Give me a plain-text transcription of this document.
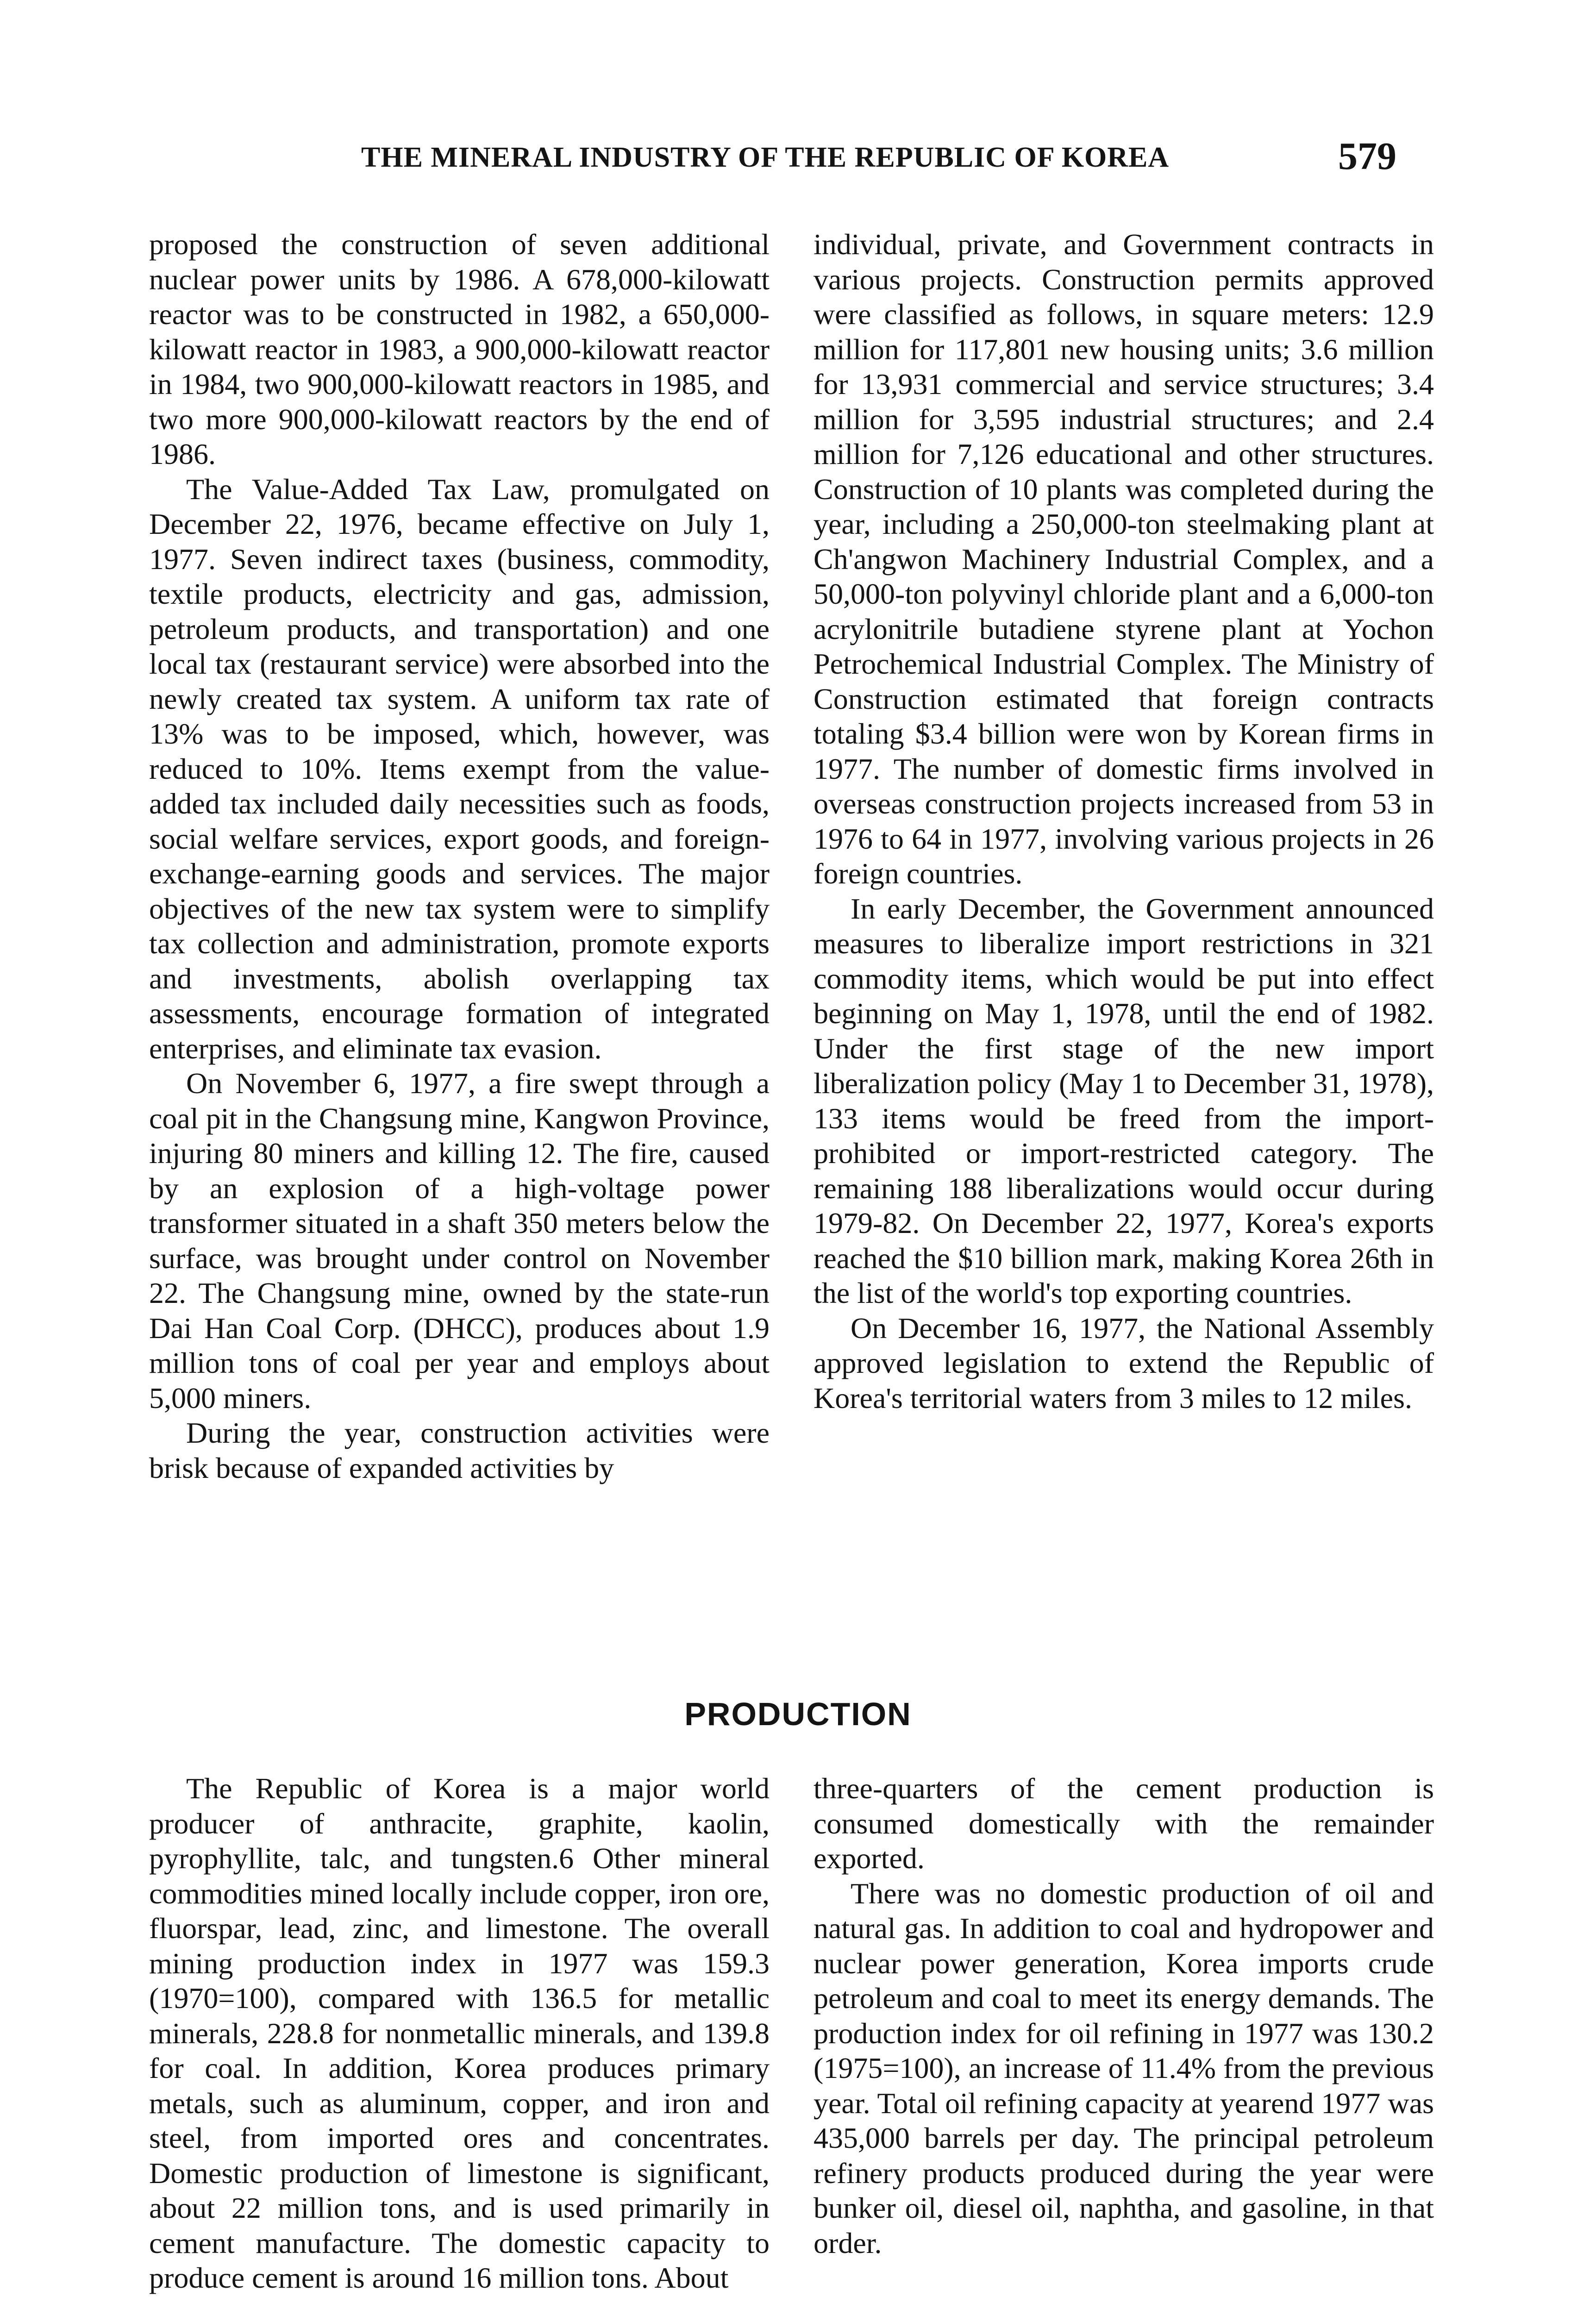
THE MINERAL INDUSTRY OF THE REPUBLIC OF KOREA	579

proposed the construction of seven additional nuclear power units by 1986. A 678,000-kilowatt reactor was to be constructed in 1982, a 650,000-kilowatt reactor in 1983, a 900,000-kilowatt reactor in 1984, two 900,000-kilowatt reactors in 1985, and two more 900,000-kilowatt reactors by the end of 1986.

The Value-Added Tax Law, promulgated on December 22, 1976, became effective on July 1, 1977. Seven indirect taxes (business, commodity, textile products, electricity and gas, admission, petroleum products, and transportation) and one local tax (restaurant service) were absorbed into the newly created tax system. A uniform tax rate of 13% was to be imposed, which, however, was reduced to 10%. Items exempt from the value-added tax included daily necessities such as foods, social welfare services, export goods, and foreign-exchange-earning goods and services. The major objectives of the new tax system were to simplify tax collection and administration, promote exports and investments, abolish overlapping tax assessments, encourage formation of integrated enterprises, and eliminate tax evasion.

On November 6, 1977, a fire swept through a coal pit in the Changsung mine, Kangwon Province, injuring 80 miners and killing 12. The fire, caused by an explosion of a high-voltage power transformer situated in a shaft 350 meters below the surface, was brought under control on November 22. The Changsung mine, owned by the state-run Dai Han Coal Corp. (DHCC), produces about 1.9 million tons of coal per year and employs about 5,000 miners.

During the year, construction activities were brisk because of expanded activities by

individual, private, and Government contracts in various projects. Construction permits approved were classified as follows, in square meters: 12.9 million for 117,801 new housing units; 3.6 million for 13,931 commercial and service structures; 3.4 million for 3,595 industrial structures; and 2.4 million for 7,126 educational and other structures. Construction of 10 plants was completed during the year, including a 250,000-ton steelmaking plant at Ch'angwon Machinery Industrial Complex, and a 50,000-ton polyvinyl chloride plant and a 6,000-ton acrylonitrile butadiene styrene plant at Yochon Petrochemical Industrial Complex. The Ministry of Construction estimated that foreign contracts totaling $3.4 billion were won by Korean firms in 1977. The number of domestic firms involved in overseas construction projects increased from 53 in 1976 to 64 in 1977, involving various projects in 26 foreign countries.

In early December, the Government announced measures to liberalize import restrictions in 321 commodity items, which would be put into effect beginning on May 1, 1978, until the end of 1982. Under the first stage of the new import liberalization policy (May 1 to December 31, 1978), 133 items would be freed from the import-prohibited or import-restricted category. The remaining 188 liberalizations would occur during 1979-82. On December 22, 1977, Korea's exports reached the $10 billion mark, making Korea 26th in the list of the world's top exporting countries.

On December 16, 1977, the National Assembly approved legislation to extend the Republic of Korea's territorial waters from 3 miles to 12 miles.

PRODUCTION

The Republic of Korea is a major world producer of anthracite, graphite, kaolin, pyrophyllite, talc, and tungsten.6 Other mineral commodities mined locally include copper, iron ore, fluorspar, lead, zinc, and limestone. The overall mining production index in 1977 was 159.3 (1970=100), compared with 136.5 for metallic minerals, 228.8 for nonmetallic minerals, and 139.8 for coal. In addition, Korea produces primary metals, such as aluminum, copper, and iron and steel, from imported ores and concentrates. Domestic production of limestone is significant, about 22 million tons, and is used primarily in cement manufacture. The domestic capacity to produce cement is around 16 million tons. About

three-quarters of the cement production is consumed domestically with the remainder exported.

There was no domestic production of oil and natural gas. In addition to coal and hydropower and nuclear power generation, Korea imports crude petroleum and coal to meet its energy demands. The production index for oil refining in 1977 was 130.2 (1975=100), an increase of 11.4% from the previous year. Total oil refining capacity at yearend 1977 was 435,000 barrels per day. The principal petroleum refinery products produced during the year were bunker oil, diesel oil, naphtha, and gasoline, in that order.
